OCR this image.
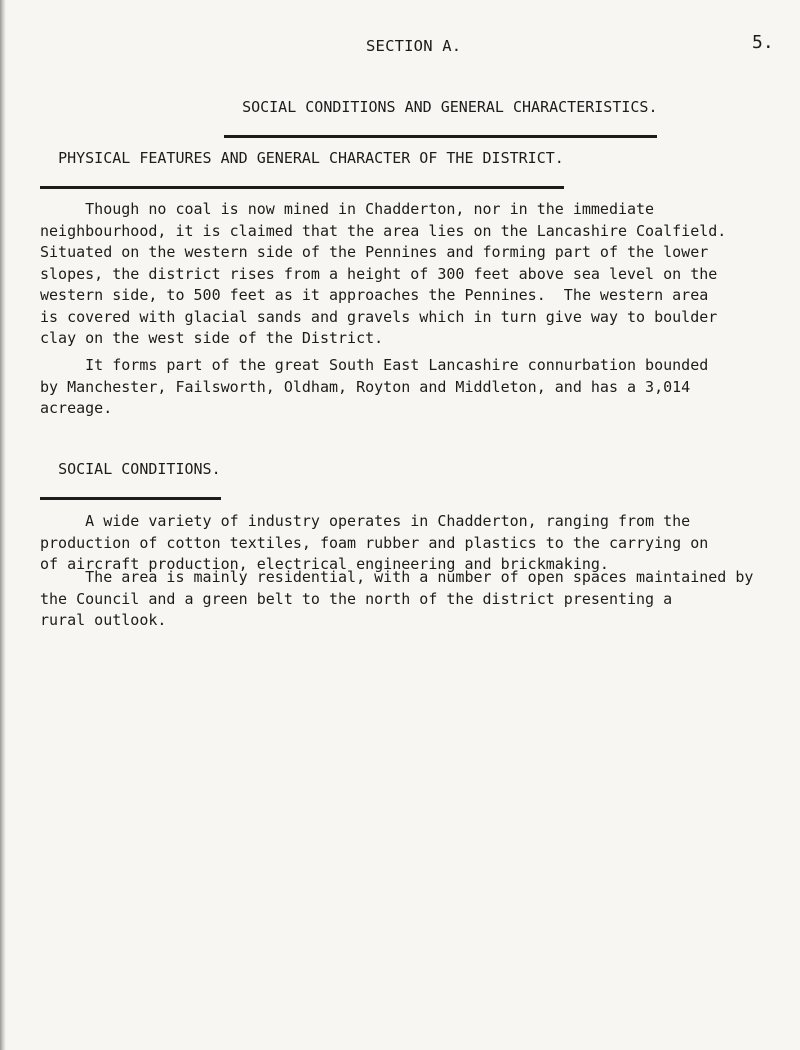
5.
SECTION A.

SOCIAL CONDITIONS AND GENERAL CHARACTERISTICS.

PHYSICAL FEATURES AND GENERAL CHARACTER OF THE DISTRICT.

Though no coal is now mined in Chadderton, nor in the immediate
neighbourhood, it is claimed that the area lies on the Lancashire Coalfield.
Situated on the western side of the Pennines and forming part of the lower
slopes, the district rises from a height of 300 feet above sea level on the
western side, to 500 feet as it approaches the Pennines.  The western area
is covered with glacial sands and gravels which in turn give way to boulder
clay on the west side of the District.

It forms part of the great South East Lancashire connurbation bounded
by Manchester, Failsworth, Oldham, Royton and Middleton, and has a 3,014
acreage.

SOCIAL CONDITIONS.

A wide variety of industry operates in Chadderton, ranging from the
production of cotton textiles, foam rubber and plastics to the carrying on
of aircraft production, electrical engineering and brickmaking.

The area is mainly residential, with a number of open spaces maintained by
the Council and a green belt to the north of the district presenting a
rural outlook.
